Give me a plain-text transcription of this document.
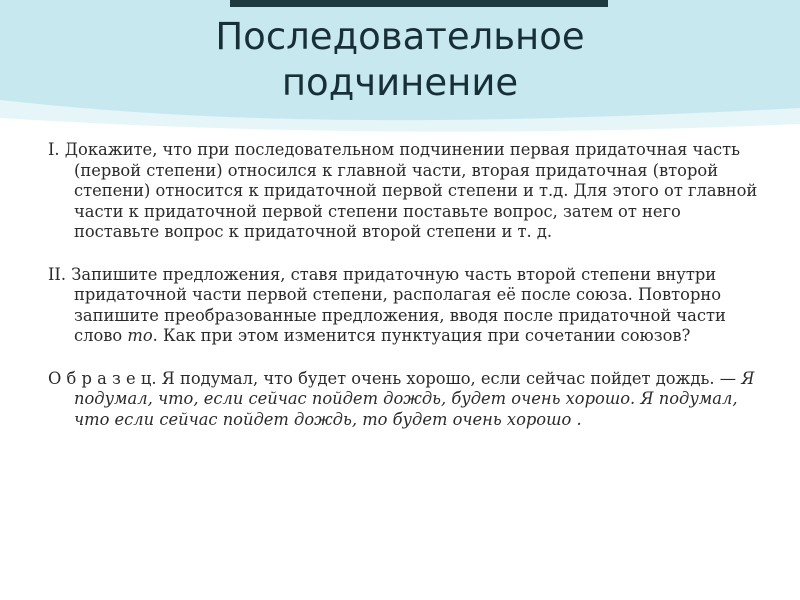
Последовательное
подчинение

I. Докажите, что при последовательном подчинении первая придаточная часть (первой степени) относился к главной части, вторая придаточная (второй степени) относится к придаточной первой степени и т.д. Для этого от главной части к придаточной первой степени поставьте вопрос, затем от него поставьте вопрос к придаточной второй степени и т. д.

II. Запишите предложения, ставя придаточную часть второй степени внутри придаточной части первой степени, располагая её после союза. Повторно запишите преобразованные предложения, вводя после придаточной части слово то. Как при этом изменится пунктуация при сочетании союзов?

О б р а з е ц. Я подумал, что будет очень хорошо, если сейчас пойдет дождь. — Я подумал, что, если сейчас пойдет дождь, будет очень хорошо. Я подумал, что если сейчас пойдет дождь, то будет очень хорошо .
